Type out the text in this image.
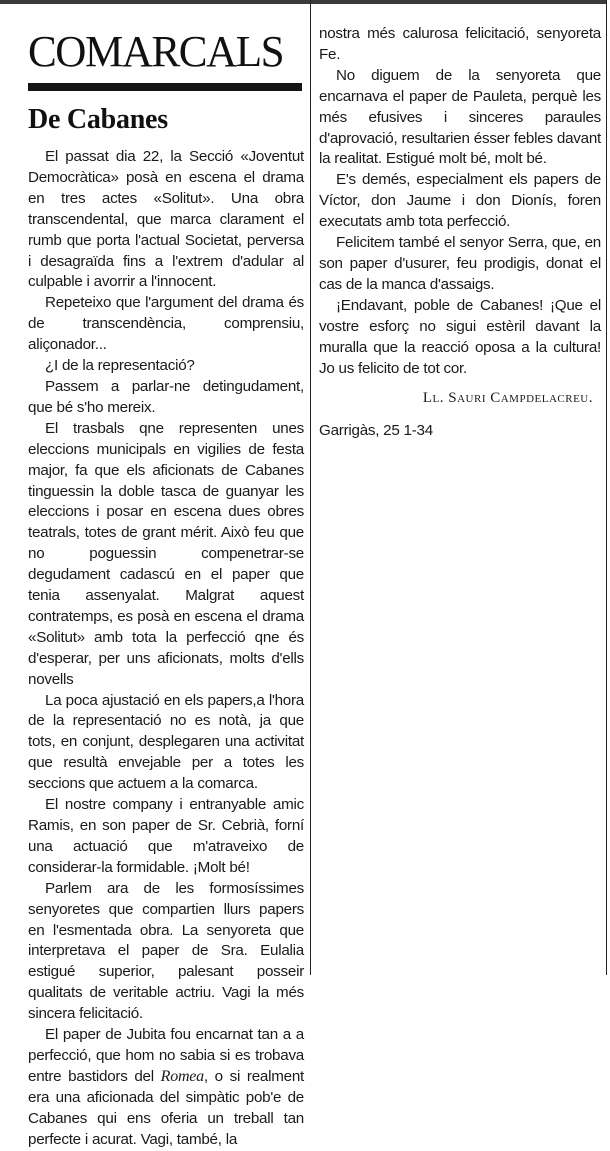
COMARCALS
De Cabanes

El passat dia 22, la Secció «Joventut Democràtica» posà en escena el drama en tres actes «Solitut». Una obra transcendental, que marca clarament el rumb que porta l'actual Societat, perversa i desagraïda fins a l'extrem d'adular al culpable i avorrir a l'innocent.

Repeteixo que l'argument del drama és de transcendència, comprensiu, aliçonador...

¿I de la representació?

Passem a parlar-ne detingudament, que bé s'ho mereix.

El trasbals qne representen unes eleccions municipals en vigilies de festa major, fa que els aficionats de Cabanes tinguessin la doble tasca de guanyar les eleccions i posar en escena dues obres teatrals, totes de grant mérit. Això feu que no poguessin compenetrar-se degudament cadascú en el paper que tenia assenyalat. Malgrat aquest contratemps, es posà en escena el drama «Solitut» amb tota la perfecció qne és d'esperar, per uns aficionats, molts d'ells novells

La poca ajustació en els papers,a l'hora de la representació no es notà, ja que tots, en conjunt, desplegaren una activitat que resultà envejable per a totes les seccions que actuem a la comarca.

El nostre company i entranyable amic Ramis, en son paper de Sr. Cebrià, forní una actuació que m'atraveixo de considerar-la formidable. ¡Molt bé!

Parlem ara de les formosíssimes senyoretes que compartien llurs papers en l'esmentada obra. La senyoreta que interpretava el paper de Sra. Eulalia estigué superior, palesant posseir qualitats de veritable actriu. Vagi la més sincera felicitació.

El paper de Jubita fou encarnat tan a a perfecció, que hom no sabia si es trobava entre bastidors del Romea, o si realment era una aficionada del simpàtic pob'e de Cabanes qui ens oferia un treball tan perfecte i acurat. Vagi, també, la

nostra més calurosa felicitació, senyoreta Fe.

No diguem de la senyoreta que encarnava el paper de Pauleta, perquè les més efusives i sinceres paraules d'aprovació, resultarien ésser febles davant la realitat. Estigué molt bé, molt bé.

E's demés, especialment els papers de Víctor, don Jaume i don Dionís, foren executats amb tota perfecció.

Felicitem també el senyor Serra, que, en son paper d'usurer, feu prodigis, donat el cas de la manca d'assaigs.

¡Endavant, poble de Cabanes! ¡Que el vostre esforç no sigui estèril davant la muralla que la reacció oposa a la cultura! Jo us felicito de tot cor.

Ll. Sauri Campdelacreu.

Garrigàs, 25 1-34
